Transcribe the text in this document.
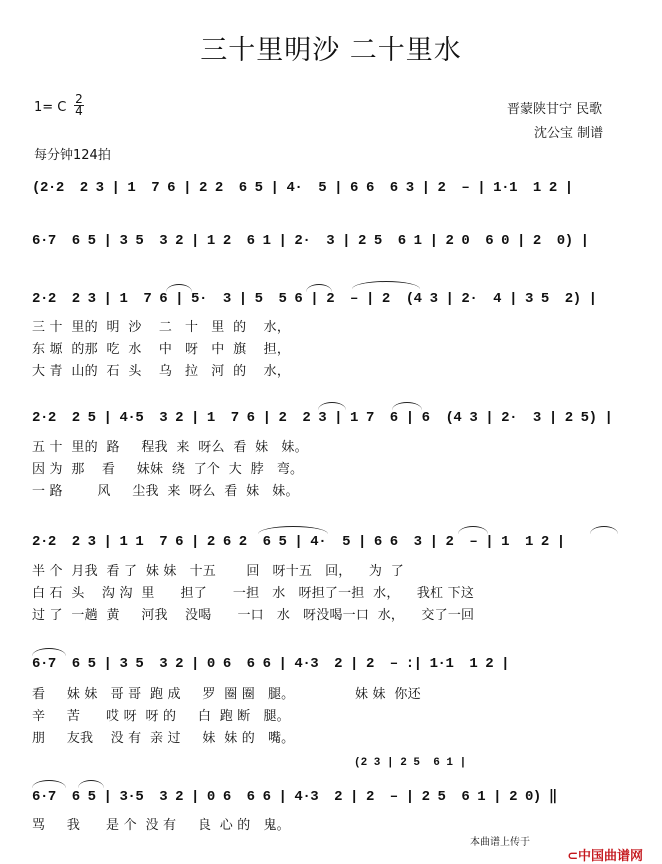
三十里明沙 二十里水
1= C
2
4
每分钟124拍
晋蒙陕甘宁 民歌
沈公宝 制谱
(2·2  2 3 | 1  7 6 | 2 2  6 5 | 4·  5 | 6 6  6 3 | 2  – | 1·1  1 2 |
6·7  6 5 | 3 5  3 2 | 1 2  6 1 | 2·  3 | 2 5  6 1 | 2 0  6 0 | 2  0) |
2·2  2 3 | 1  7 6 | 5·  3 | 5  5 6 | 2  – | 2  (4 3 | 2·  4 | 3 5  2) |
三 十  里的  明  沙    二   十   里  的    水，
东 塬  的那  吃  水    中   呀   中  旗    担，
大 青  山的  石  头    乌   拉   河  的    水，
2·2  2 5 | 4·5  3 2 | 1  7 6 | 2  2 3 | 1 7  6 | 6  (4 3 | 2·  3 | 2 5) |
五 十  里的  路     程我  来  呀么  看  妹   妹。
因 为  那    看     妹妹  绕  了个  大  脖   弯。
一 路        风     尘我  来  呀么  看  妹   妹。
2·2  2 3 | 1 1  7 6 | 2 6 2  6 5 | 4·  5 | 6 6  3 | 2  – | 1  1 2 |
半 个  月我  看 了  妹 妹   十五       回   呀十五   回，    为  了
白 石  头    沟 沟  里      担了      一担   水   呀担了一担  水，    我杠 下这
过 了  一趟  黄     河我    没喝      一口   水   呀没喝一口  水，    交了一回
6·7  6 5 | 3 5  3 2 | 0 6  6 6 | 4·3  2 | 2  – :| 1·1  1 2 |
看     妹 妹   哥 哥  跑 成     罗  圈 圈   腿。              妹 妹  你还
辛     苦      哎 呀  呀 的     白  跑 断   腿。
朋     友我    没 有  亲 过     妹  妹 的   嘴。
(2 3 | 2 5  6 1 |
6·7  6 5 | 3·5  3 2 | 0 6  6 6 | 4·3  2 | 2  – | 2 5  6 1 | 2 0) ‖
骂     我      是 个  没 有     良  心 的   鬼。
本曲谱上传于

⊂中国曲谱网
